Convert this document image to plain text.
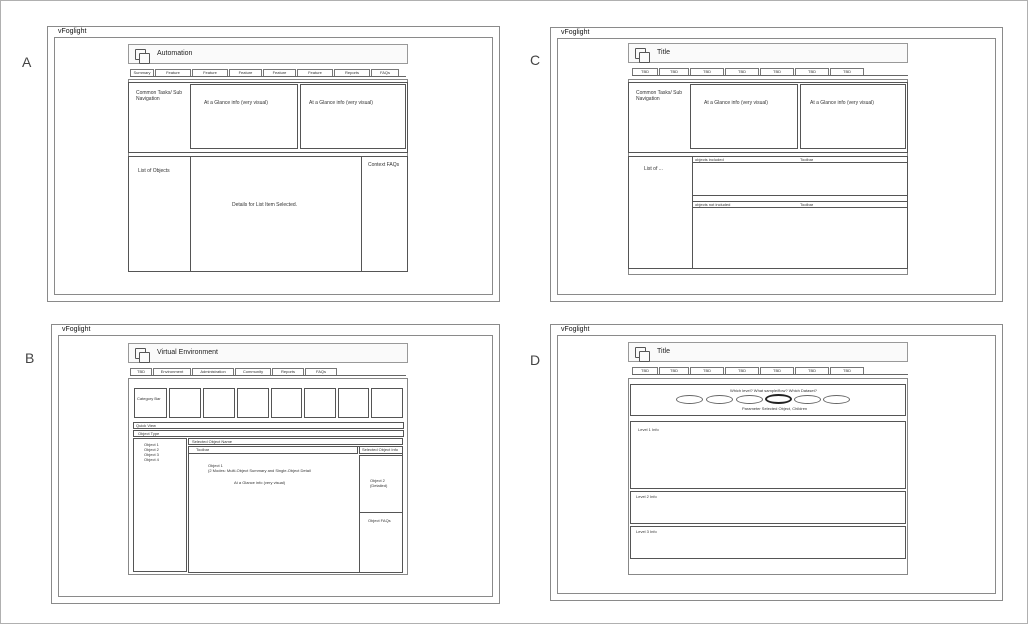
A
vFoglight
Automation
Summary	Feature	Feature	Feature	Feature	Feature	Reports	FAQs
Common Tasks/ Sub Navigation
At a Glance info (very visual)	At a Glance info (very visual)
List of Objects
Details for List Item Selected.
Context FAQs
B
vFoglight
Virtual Environment
TBD	Environment	Administration	Community	Reports	FAQs
Category Bar
Quick View
Object Type
Object 1
Object 2
Object 3
Object 4
Selected Object Name
Toolbar	Selected Object Info
Object 1
(2 Modes: Multi-Object Summary and Single-Object Detail
At a Glance info (very visual)	Object 2
(Detailed)
Object FAQs
C
vFoglight
Title
TBD	TBD	TBD	TBD	TBD	TBD	TBD
Common Tasks/ Sub Navigation
At a Glance info (very visual)	At a Glance info (very visual)
List of ...
objects included	Toolbar
objects not included	Toolbar
D
vFoglight
Title
TBD	TBD	TBD	TBD	TBD	TBD	TBD
Which level? What sample/flow? Which Dataset?
Parameter Selected Object, Children
Level 1 Info
Level 2 Info
Level 3 Info
